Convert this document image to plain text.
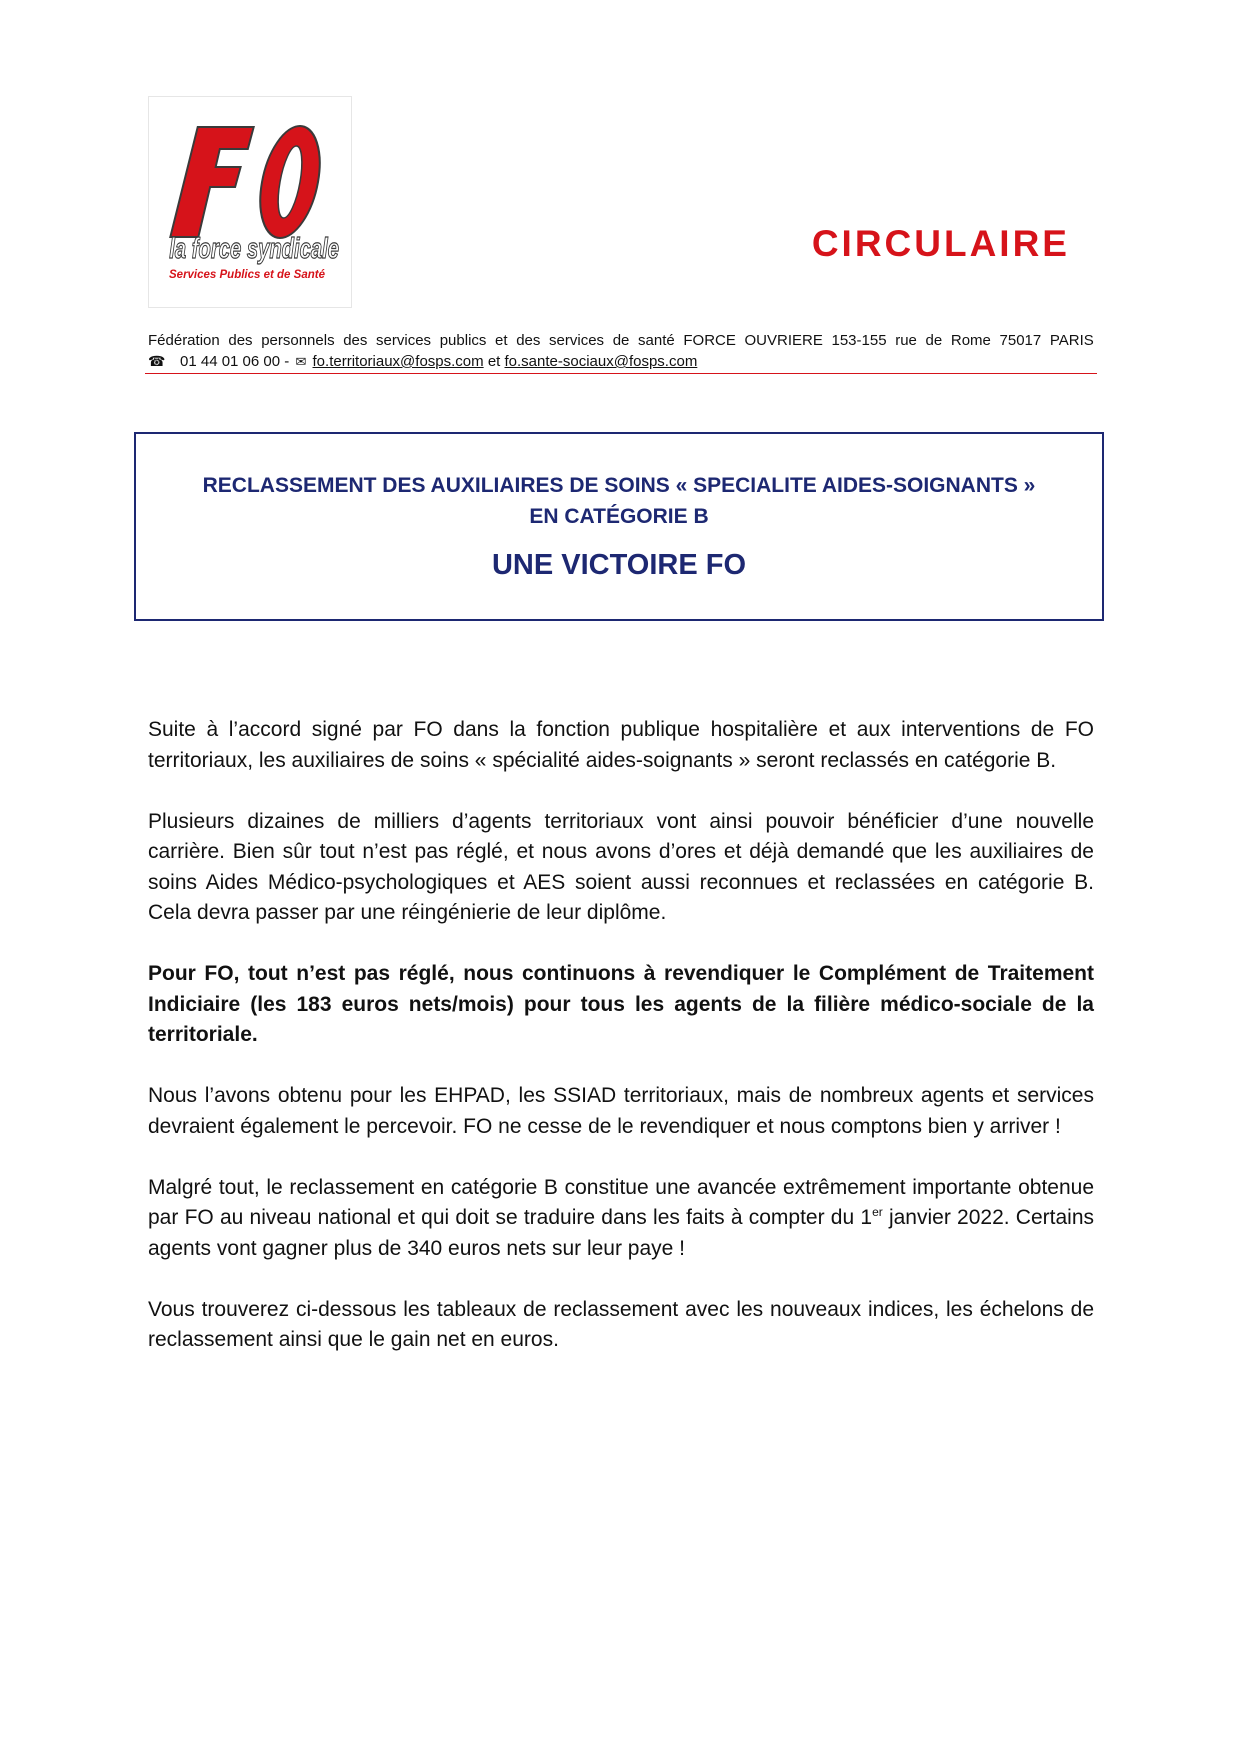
la force syndicale
Services Publics et de Santé
CIRCULAIRE
Fédération des personnels des services publics et des services de santé FORCE OUVRIERE 153-155 rue de Rome 75017 PARIS
☎ 01 44 01 06 00 - ✉ fo.territoriaux@fosps.com et fo.sante-sociaux@fosps.com
RECLASSEMENT DES AUXILIAIRES DE SOINS « SPECIALITE AIDES-SOIGNANTS »
EN CATÉGORIE B
UNE VICTOIRE FO

Suite à l’accord signé par FO dans la fonction publique hospitalière et aux interventions de FO territoriaux, les auxiliaires de soins « spécialité aides-soignants » seront reclassés en catégorie B.

Plusieurs dizaines de milliers d’agents territoriaux vont ainsi pouvoir bénéficier d’une nouvelle carrière. Bien sûr tout n’est pas réglé, et nous avons d’ores et déjà demandé que les auxiliaires de soins Aides Médico-psychologiques et AES soient aussi reconnues et reclassées en catégorie B. Cela devra passer par une réingénierie de leur diplôme.

Pour FO, tout n’est pas réglé, nous continuons à revendiquer le Complément de Traitement Indiciaire (les 183 euros nets/mois) pour tous les agents de la filière médico-sociale de la territoriale.

Nous l’avons obtenu pour les EHPAD, les SSIAD territoriaux, mais de nombreux agents et services devraient également le percevoir. FO ne cesse de le revendiquer et nous comptons bien y arriver !

Malgré tout, le reclassement en catégorie B constitue une avancée extrêmement importante obtenue par FO au niveau national et qui doit se traduire dans les faits à compter du 1er janvier 2022. Certains agents vont gagner plus de 340 euros nets sur leur paye !

Vous trouverez ci-dessous les tableaux de reclassement avec les nouveaux indices, les échelons de reclassement ainsi que le gain net en euros.
